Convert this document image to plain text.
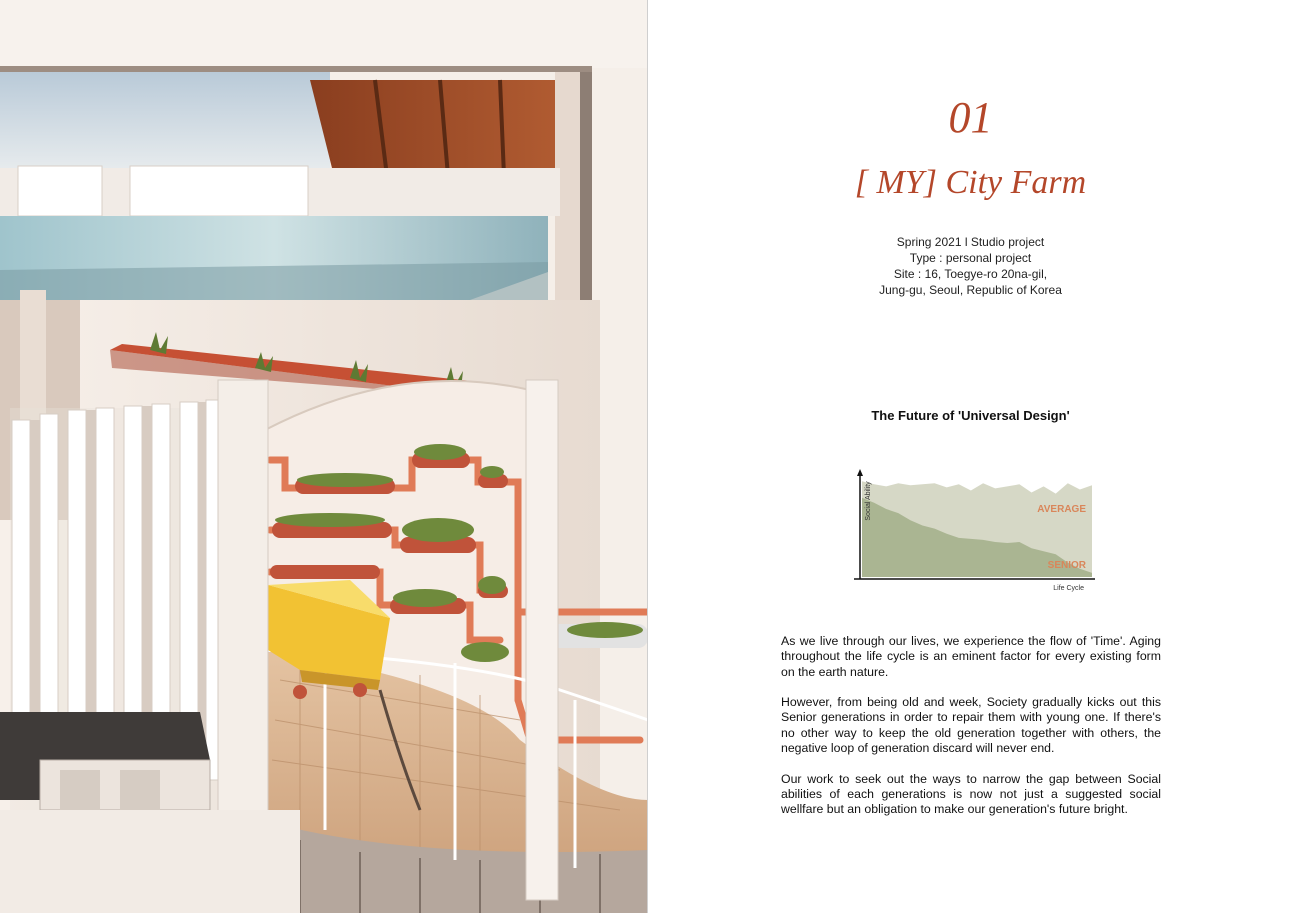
01
[ MY] City Farm
Spring 2021 l Studio project
Type : personal project
Site : 16, Toegye-ro 20na-gil,
Jung-gu, Seoul, Republic of Korea
The Future of 'Universal Design'
Social Ability
Life Cycle
AVERAGE
SENIOR

As we live through our lives, we experience the flow of 'Time'. Aging throughout the life cycle is an eminent factor for every existing form on the earth nature.

However, from being old and week, Society gradually kicks out this Senior generations in order to repair them with young one. If there's no other way to keep the old generation together with others, the negative loop of generation discard will never end.

Our work to seek out the ways to narrow the gap between Social abilities of each generations is now not just a suggested social wellfare but an obligation to make our generation's future bright.
